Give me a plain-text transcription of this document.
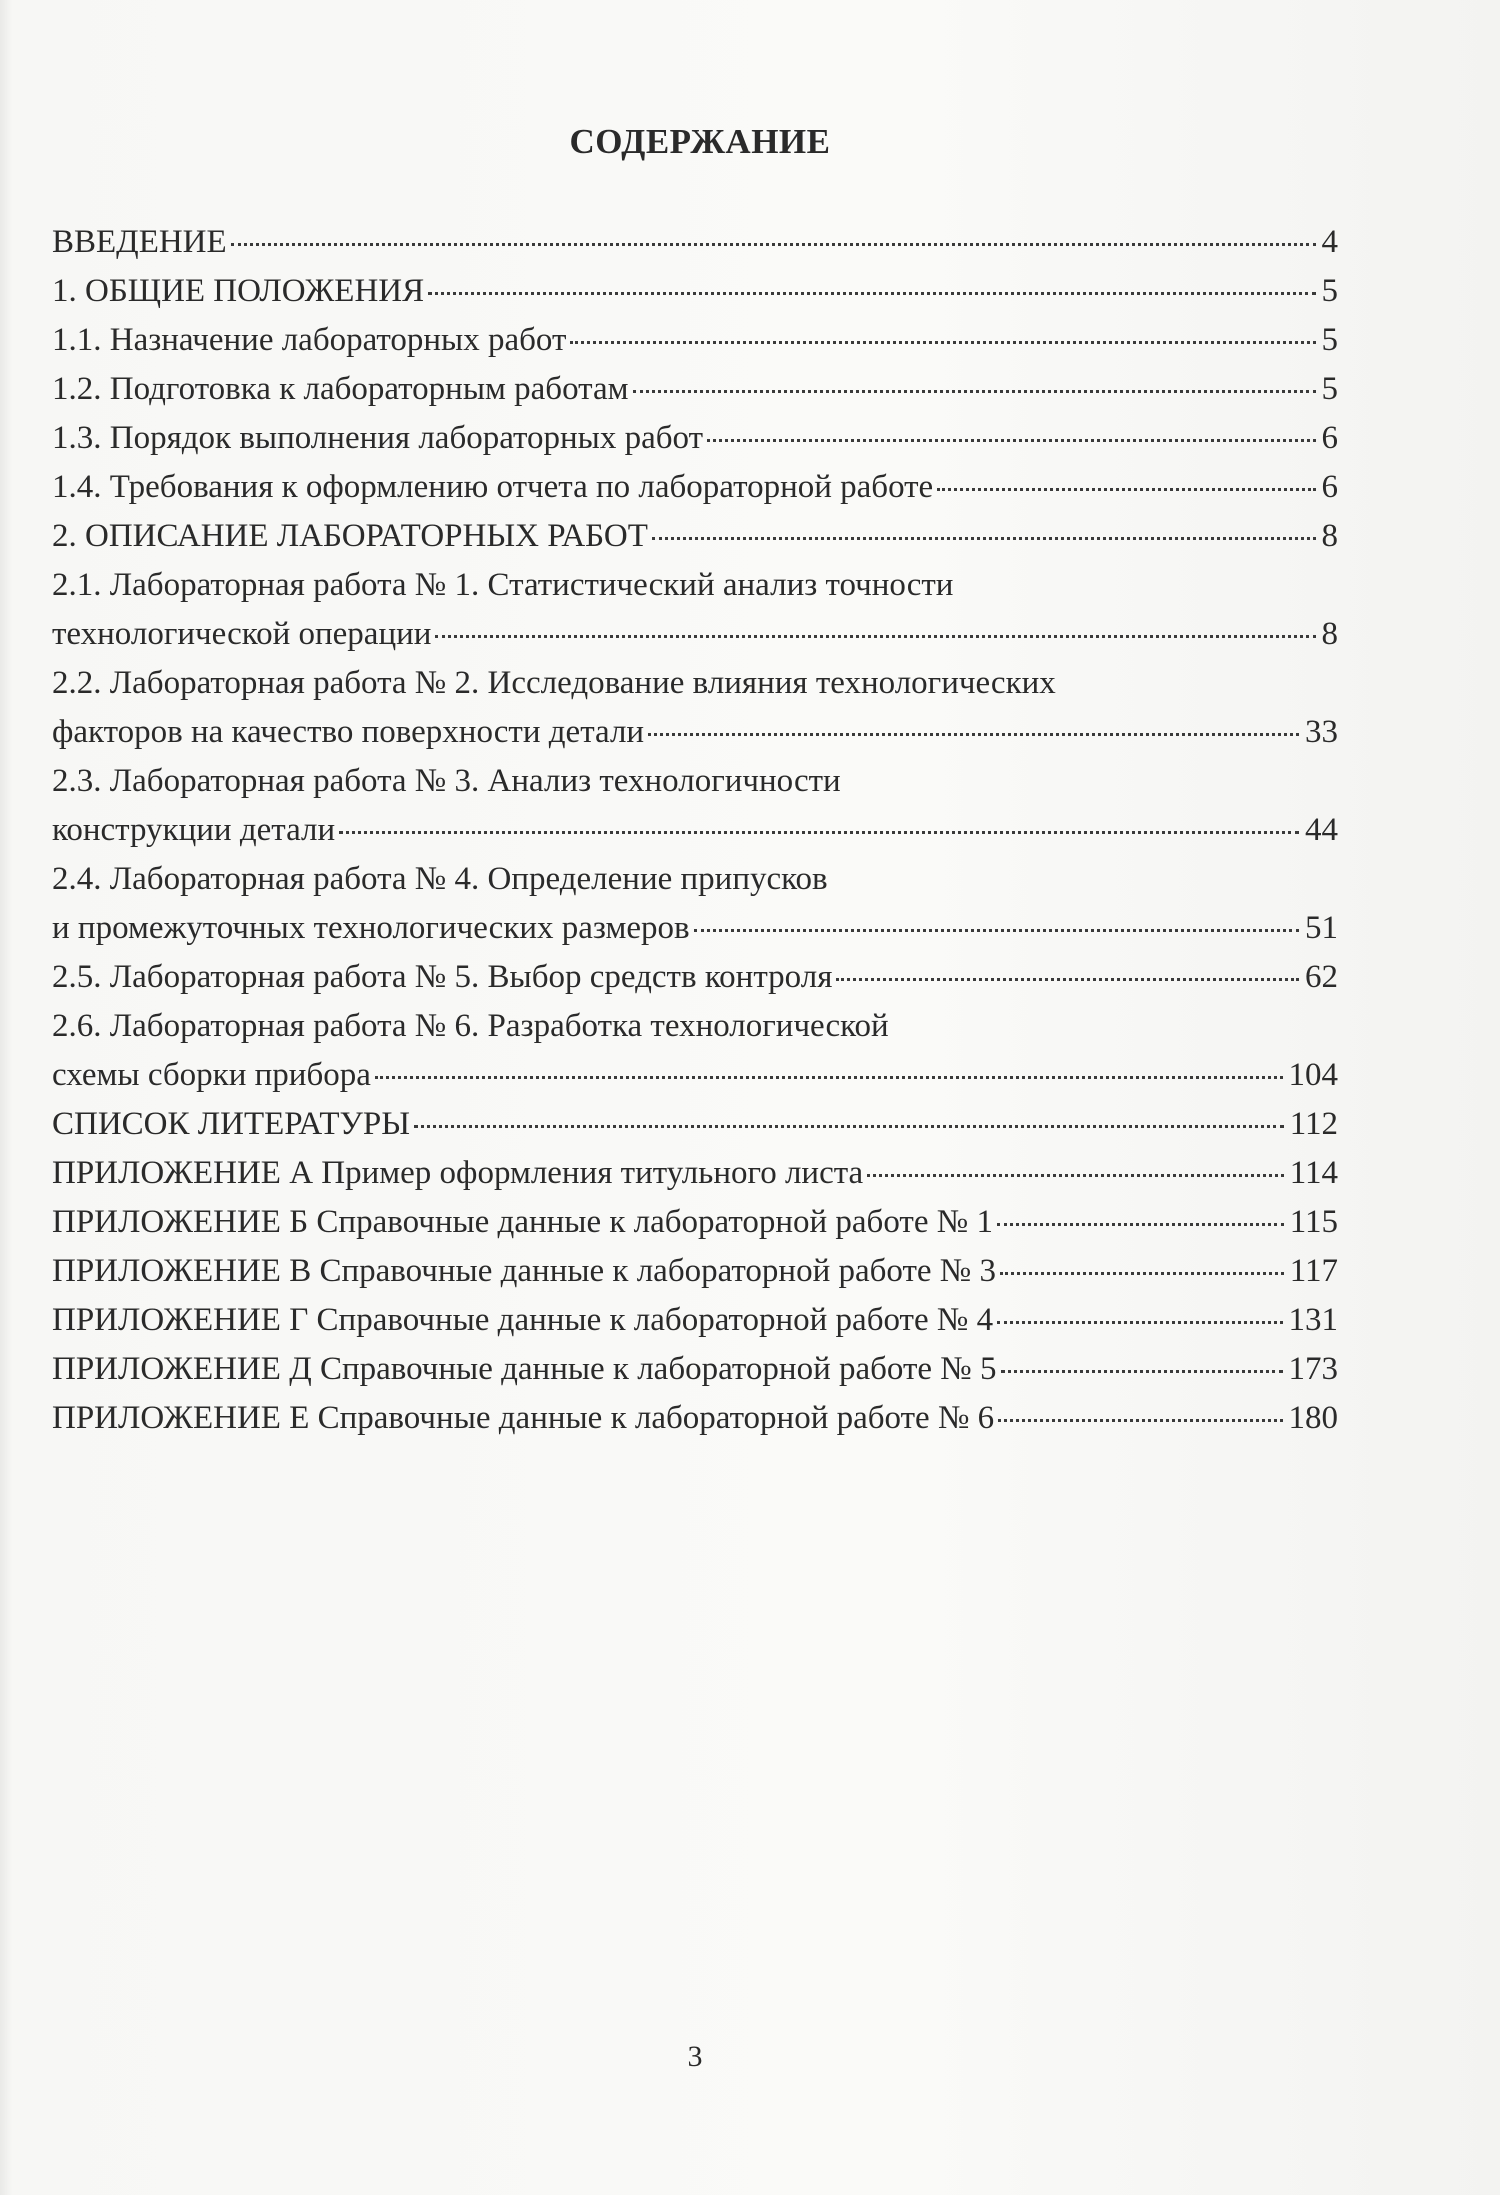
СОДЕРЖАНИЕ
ВВЕДЕНИЕ	4
1. ОБЩИЕ ПОЛОЖЕНИЯ	5
1.1. Назначение лабораторных работ	5
1.2. Подготовка к лабораторным работам	5
1.3. Порядок выполнения лабораторных работ	6
1.4. Требования к оформлению отчета по лабораторной работе	6
2. ОПИСАНИЕ ЛАБОРАТОРНЫХ РАБОТ	8
2.1. Лабораторная работа № 1. Статистический анализ точности
технологической операции	8
2.2. Лабораторная работа № 2. Исследование влияния технологических
факторов на качество поверхности детали	33
2.3. Лабораторная работа № 3. Анализ технологичности
конструкции детали	44
2.4. Лабораторная работа № 4. Определение припусков
и промежуточных технологических размеров	51
2.5. Лабораторная работа № 5. Выбор средств контроля	62
2.6. Лабораторная работа № 6. Разработка технологической
схемы сборки прибора	104
СПИСОК ЛИТЕРАТУРЫ	112
ПРИЛОЖЕНИЕ А Пример оформления титульного листа	114
ПРИЛОЖЕНИЕ Б Справочные данные к лабораторной работе № 1	115
ПРИЛОЖЕНИЕ В Справочные данные к лабораторной работе № 3	117
ПРИЛОЖЕНИЕ Г Справочные данные к лабораторной работе № 4	131
ПРИЛОЖЕНИЕ Д Справочные данные к лабораторной работе № 5	173
ПРИЛОЖЕНИЕ Е Справочные данные к лабораторной работе № 6	180
3
